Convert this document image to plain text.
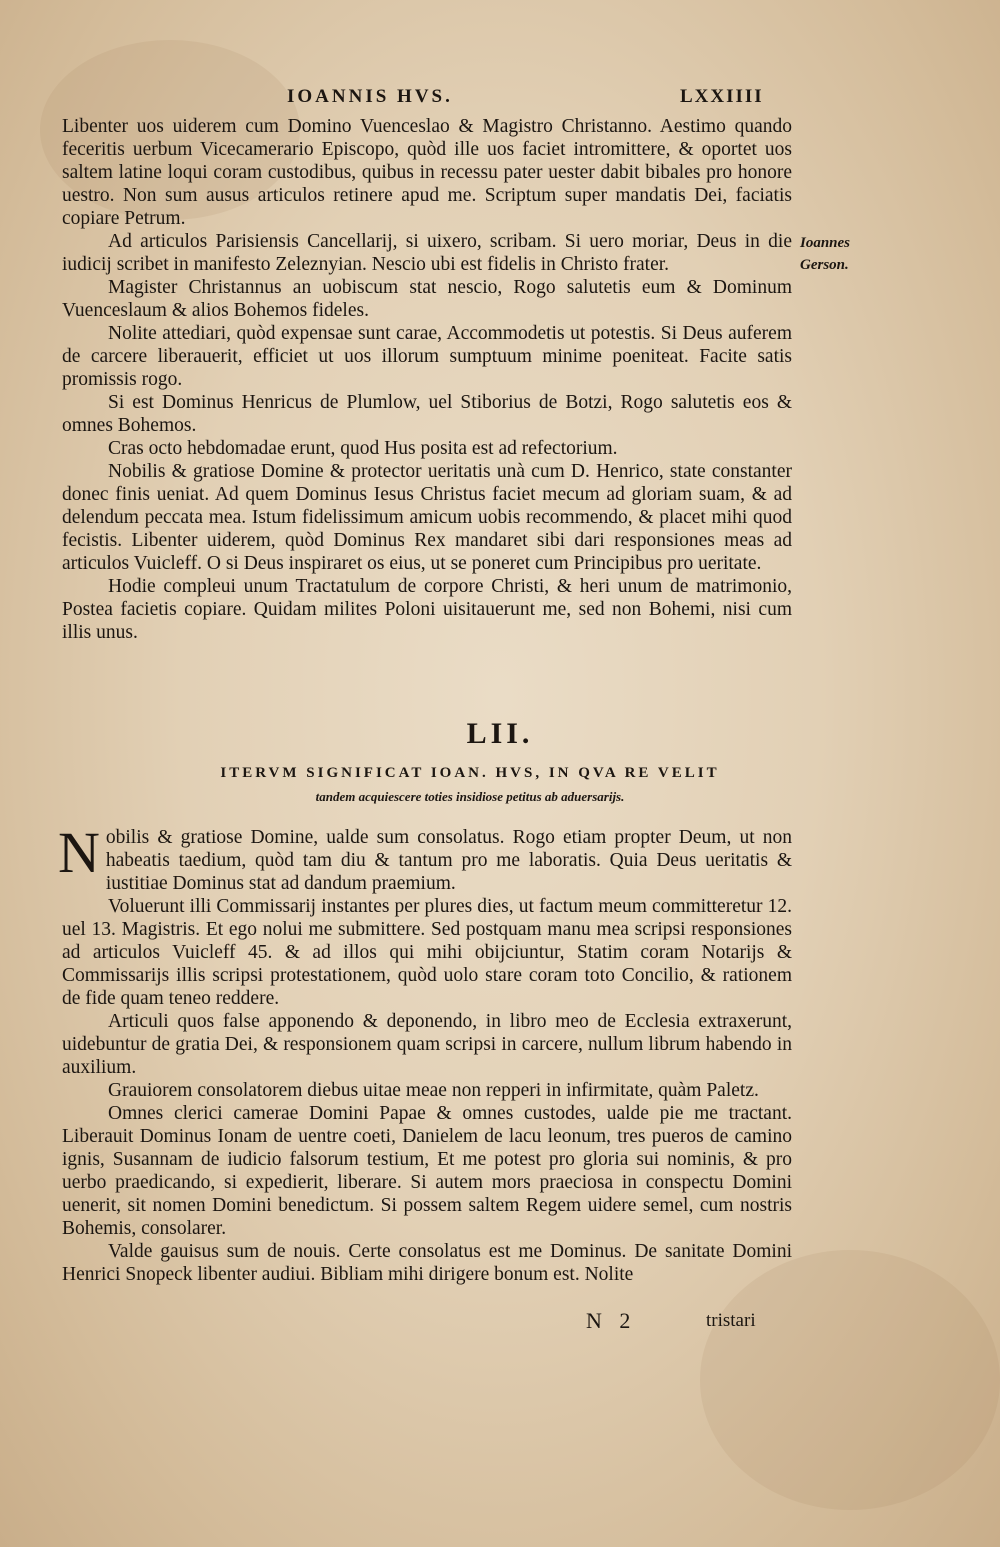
IOANNIS HVS.	LXXIIII

Libenter uos uiderem cum Domino Vuenceslao & Magistro Christanno. Aestimo quando feceritis uerbum Vicecamerario Episcopo, quòd ille uos faciet intromittere, & oportet uos saltem latine loqui coram custodibus, quibus in recessu pater uester dabit bibales pro honore uestro. Non sum ausus articulos retinere apud me. Scriptum super mandatis Dei, faciatis copiare Petrum.

Ad articulos Parisiensis Cancellarij, si uixero, scribam. Si uero moriar, Deus in die iudicij scribet in manifesto Zeleznyian. Nescio ubi est fidelis in Christo frater.

Magister Christannus an uobiscum stat nescio, Rogo salutetis eum & Dominum Vuenceslaum & alios Bohemos fideles.

Nolite attediari, quòd expensae sunt carae, Accommodetis ut potestis. Si Deus auferem de carcere liberauerit, efficiet ut uos illorum sumptuum minime poeniteat. Facite satis promissis rogo.

Si est Dominus Henricus de Plumlow, uel Stiborius de Botzi, Rogo salutetis eos & omnes Bohemos.

Cras octo hebdomadae erunt, quod Hus posita est ad refectorium.

Nobilis & gratiose Domine & protector ueritatis unà cum D. Henrico, state constanter donec finis ueniat. Ad quem Dominus Iesus Christus faciet mecum ad gloriam suam, & ad delendum peccata mea. Istum fidelissimum amicum uobis recommendo, & placet mihi quod fecistis. Libenter uiderem, quòd Dominus Rex mandaret sibi dari responsiones meas ad articulos Vuicleff. O si Deus inspiraret os eius, ut se poneret cum Principibus pro ueritate.

Hodie compleui unum Tractatulum de corpore Christi, & heri unum de matrimonio, Postea facietis copiare. Quidam milites Poloni uisitauerunt me, sed non Bohemi, nisi cum illis unus.

Ioannes
Gerson.
LII.
ITERVM SIGNIFICAT IOAN. HVS, IN QVA RE VELIT
tandem acquiescere toties insidiose petitus ab aduersarijs.

Nobilis & gratiose Domine, ualde sum consolatus. Rogo etiam propter Deum, ut non habeatis taedium, quòd tam diu & tantum pro me laboratis. Quia Deus ueritatis & iustitiae Dominus stat ad dandum praemium.

Voluerunt illi Commissarij instantes per plures dies, ut factum meum committeretur 12. uel 13. Magistris. Et ego nolui me submittere. Sed postquam manu mea scripsi responsiones ad articulos Vuicleff 45. & ad illos qui mihi obijciuntur, Statim coram Notarijs & Commissarijs illis scripsi protestationem, quòd uolo stare coram toto Concilio, & rationem de fide quam teneo reddere.

Articuli quos false apponendo & deponendo, in libro meo de Ecclesia extraxerunt, uidebuntur de gratia Dei, & responsionem quam scripsi in carcere, nullum librum habendo in auxilium.

Grauiorem consolatorem diebus uitae meae non repperi in infirmitate, quàm Paletz.

Omnes clerici camerae Domini Papae & omnes custodes, ualde pie me tractant. Liberauit Dominus Ionam de uentre coeti, Danielem de lacu leonum, tres pueros de camino ignis, Susannam de iudicio falsorum testium, Et me potest pro gloria sui nominis, & pro uerbo praedicando, si expedierit, liberare. Si autem mors praeciosa in conspectu Domini uenerit, sit nomen Domini benedictum. Si possem saltem Regem uidere semel, cum nostris Bohemis, consolarer.

Valde gauisus sum de nouis. Certe consolatus est me Dominus. De sanitate Domini Henrici Snopeck libenter audiui. Bibliam mihi dirigere bonum est. Nolite

N 2	tristari
